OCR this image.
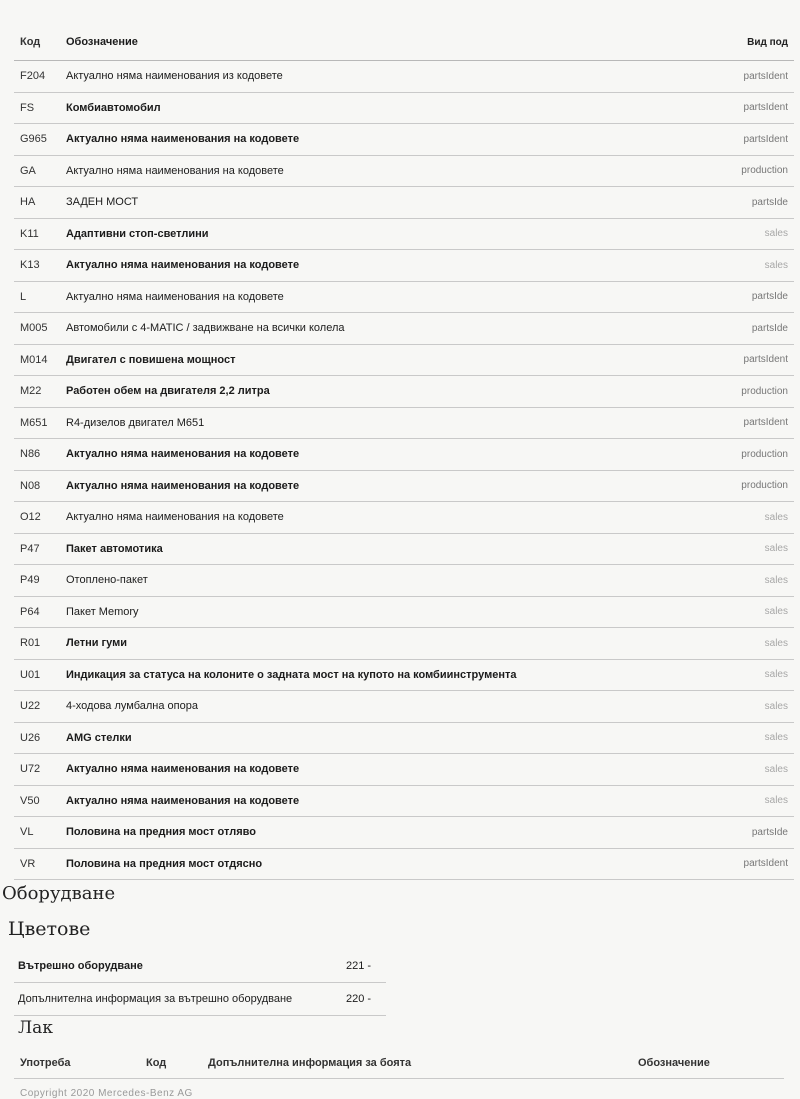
Код	Обозначение	Вид под
F204	Актуално няма наименования из кодовете	partsIdent
FS	Комбиавтомобил	partsIdent
G965	Актуално няма наименования на кодовете	partsIdent
GA	Актуално няма наименования на кодовете	production
HA	ЗАДЕН МОСТ	partsIde
K11	Адаптивни стоп-светлини	sales
K13	Актуално няма наименования на кодовете	sales
L	Актуално няма наименования на кодовете	partsIde
M005	Автомобили с 4-MATIC / задвижване на всички колела	partsIde
M014	Двигател с повишена мощност	partsIdent
M22	Работен обем на двигателя 2,2 литра	production
M651	R4-дизелов двигател M651	partsIdent
N86	Актуално няма наименования на кодовете	production
N08	Актуално няма наименования на кодовете	production
O12	Актуално няма наименования на кодовете	sales
P47	Пакет автомотика	sales
P49	Отоплено-пакет	sales
P64	Пакет Memory	sales
R01	Летни гуми	sales
U01	Индикация за статуса на колоните о задната мост на купото на комбиинструмента	sales
U22	4-ходова лумбална опора	sales
U26	AMG стелки	sales
U72	Актуално няма наименования на кодовете	sales
V50	Актуално няма наименования на кодовете	sales
VL	Половина на предния мост отляво	partsIde
VR	Половина на предния мост отдясно	partsIdent
Оборудване
Цветове
Вътрешно оборудване	221 -
Допълнителна информация за вътрешно оборудване	220 -
Лак
Употреба	Код	Допълнителна информация за боята	Обозначение
Copyright 2020 Mercedes-Benz AG
